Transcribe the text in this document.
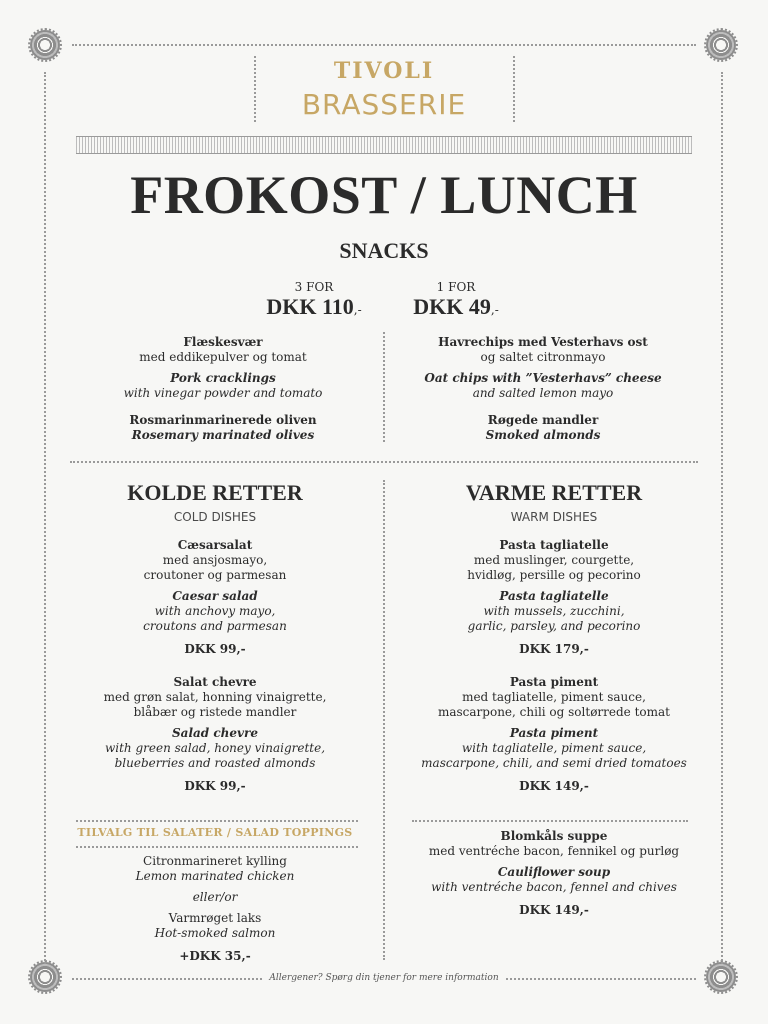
TIVOLI
BRASSERIE
FROKOST / LUNCH
SNACKS
3 FOR
DKK 110,-
1 FOR
DKK 49,-
Flæskesvær
med eddikepulver og tomat
Pork cracklings
with vinegar powder and tomato
Rosmarinmarinerede oliven
Rosemary marinated olives
Havrechips med Vesterhavs ost
og saltet citronmayo
Oat chips with ”Vesterhavs” cheese
and salted lemon mayo
Røgede mandler
Smoked almonds
KOLDE RETTER
COLD DISHES
Cæsarsalat
med ansjosmayo,
croutoner og parmesan
Caesar salad
with anchovy mayo,
croutons and parmesan
DKK 99,-
Salat chevre
med grøn salat, honning vinaigrette,
blåbær og ristede mandler
Salad chevre
with green salad, honey vinaigrette,
blueberries and roasted almonds
DKK 99,-
TILVALG TIL SALATER / SALAD TOPPINGS
Citronmarineret kylling
Lemon marinated chicken
eller/or
Varmrøget laks
Hot-smoked salmon
+DKK 35,-
VARME RETTER
WARM DISHES
Pasta tagliatelle
med muslinger, courgette,
hvidløg, persille og pecorino
Pasta tagliatelle
with mussels, zucchini,
garlic, parsley, and pecorino
DKK 179,-
Pasta piment
med tagliatelle, piment sauce,
mascarpone, chili og soltørrede tomat
Pasta piment
with tagliatelle, piment sauce,
mascarpone, chili, and semi dried tomatoes
DKK 149,-
Blomkåls suppe
med ventréche bacon, fennikel og purløg
Cauliflower soup
with ventréche bacon, fennel and chives
DKK 149,-
Allergener? Spørg din tjener for mere information
